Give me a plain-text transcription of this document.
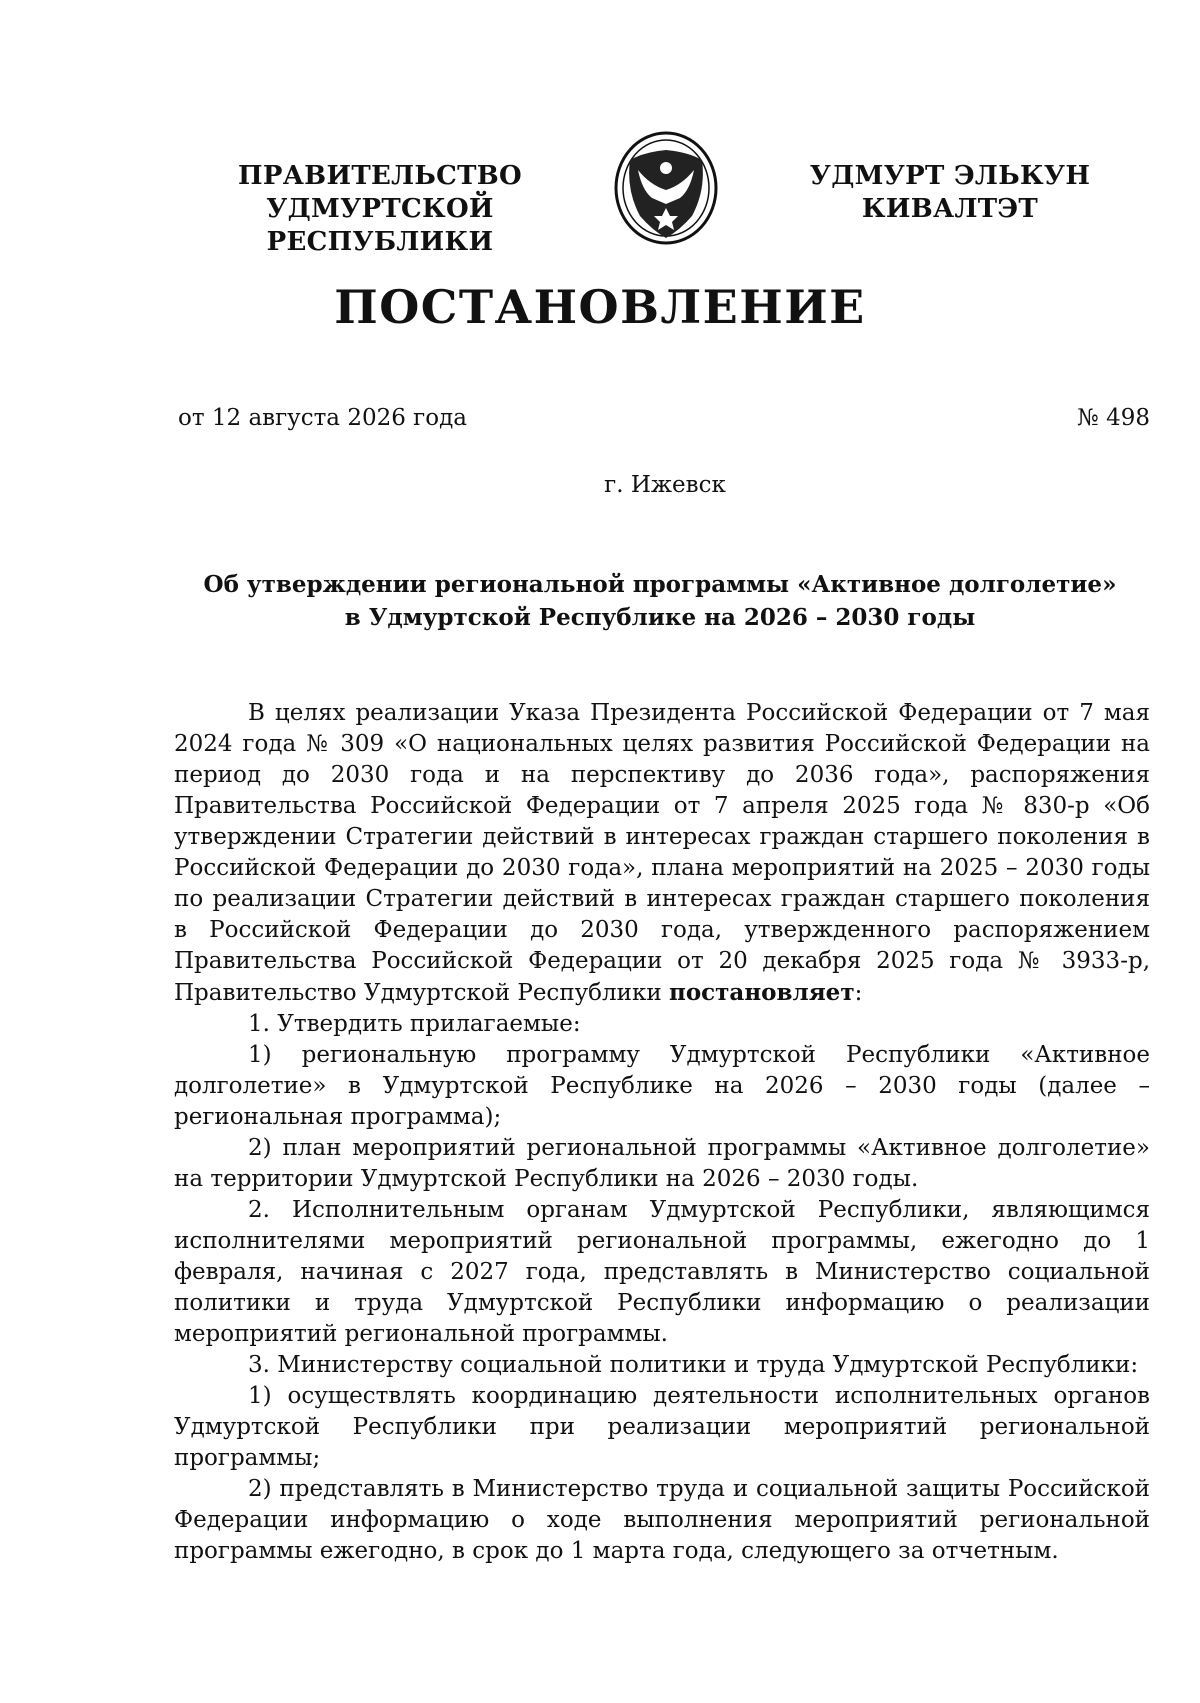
ПРАВИТЕЛЬСТВО
УДМУРТСКОЙ РЕСПУБЛИКИ
УДМУРТ ЭЛЬКУН
КИВАЛТЭТ
ПОСТАНОВЛЕНИЕ
от 12 августа 2026 года	№ 498
г. Ижевск
Об утверждении региональной программы «Активное долголетие»
в Удмуртской Республике на 2026 – 2030 годы

В целях реализации Указа Президента Российской Федерации от 7 мая 2024 года № 309 «О национальных целях развития Российской Федерации на период до 2030 года и на перспективу до 2036 года», распоряжения Правительства Российской Федерации от 7 апреля 2025 года № 830-р «Об утверждении Стратегии действий в интересах граждан старшего поколения в Российской Федерации до 2030 года», плана мероприятий на 2025 – 2030 годы по реализации Стратегии действий в интересах граждан старшего поколения в Российской Федерации до 2030 года, утвержденного распоряжением Правительства Российской Федерации от 20 декабря 2025 года № 3933-р, Правительство Удмуртской Республики постановляет:

1. Утвердить прилагаемые:

1) региональную программу Удмуртской Республики «Активное долголетие» в Удмуртской Республике на 2026 – 2030 годы (далее – региональная программа);

2) план мероприятий региональной программы «Активное долголетие» на территории Удмуртской Республики на 2026 – 2030 годы.

2. Исполнительным органам Удмуртской Республики, являющимся исполнителями мероприятий региональной программы, ежегодно до 1 февраля, начиная с 2027 года, представлять в Министерство социальной политики и труда Удмуртской Республики информацию о реализации мероприятий региональной программы.

3. Министерству социальной политики и труда Удмуртской Республики:

1) осуществлять координацию деятельности исполнительных органов Удмуртской Республики при реализации мероприятий региональной программы;

2) представлять в Министерство труда и социальной защиты Российской Федерации информацию о ходе выполнения мероприятий региональной программы ежегодно, в срок до 1 марта года, следующего за отчетным.
